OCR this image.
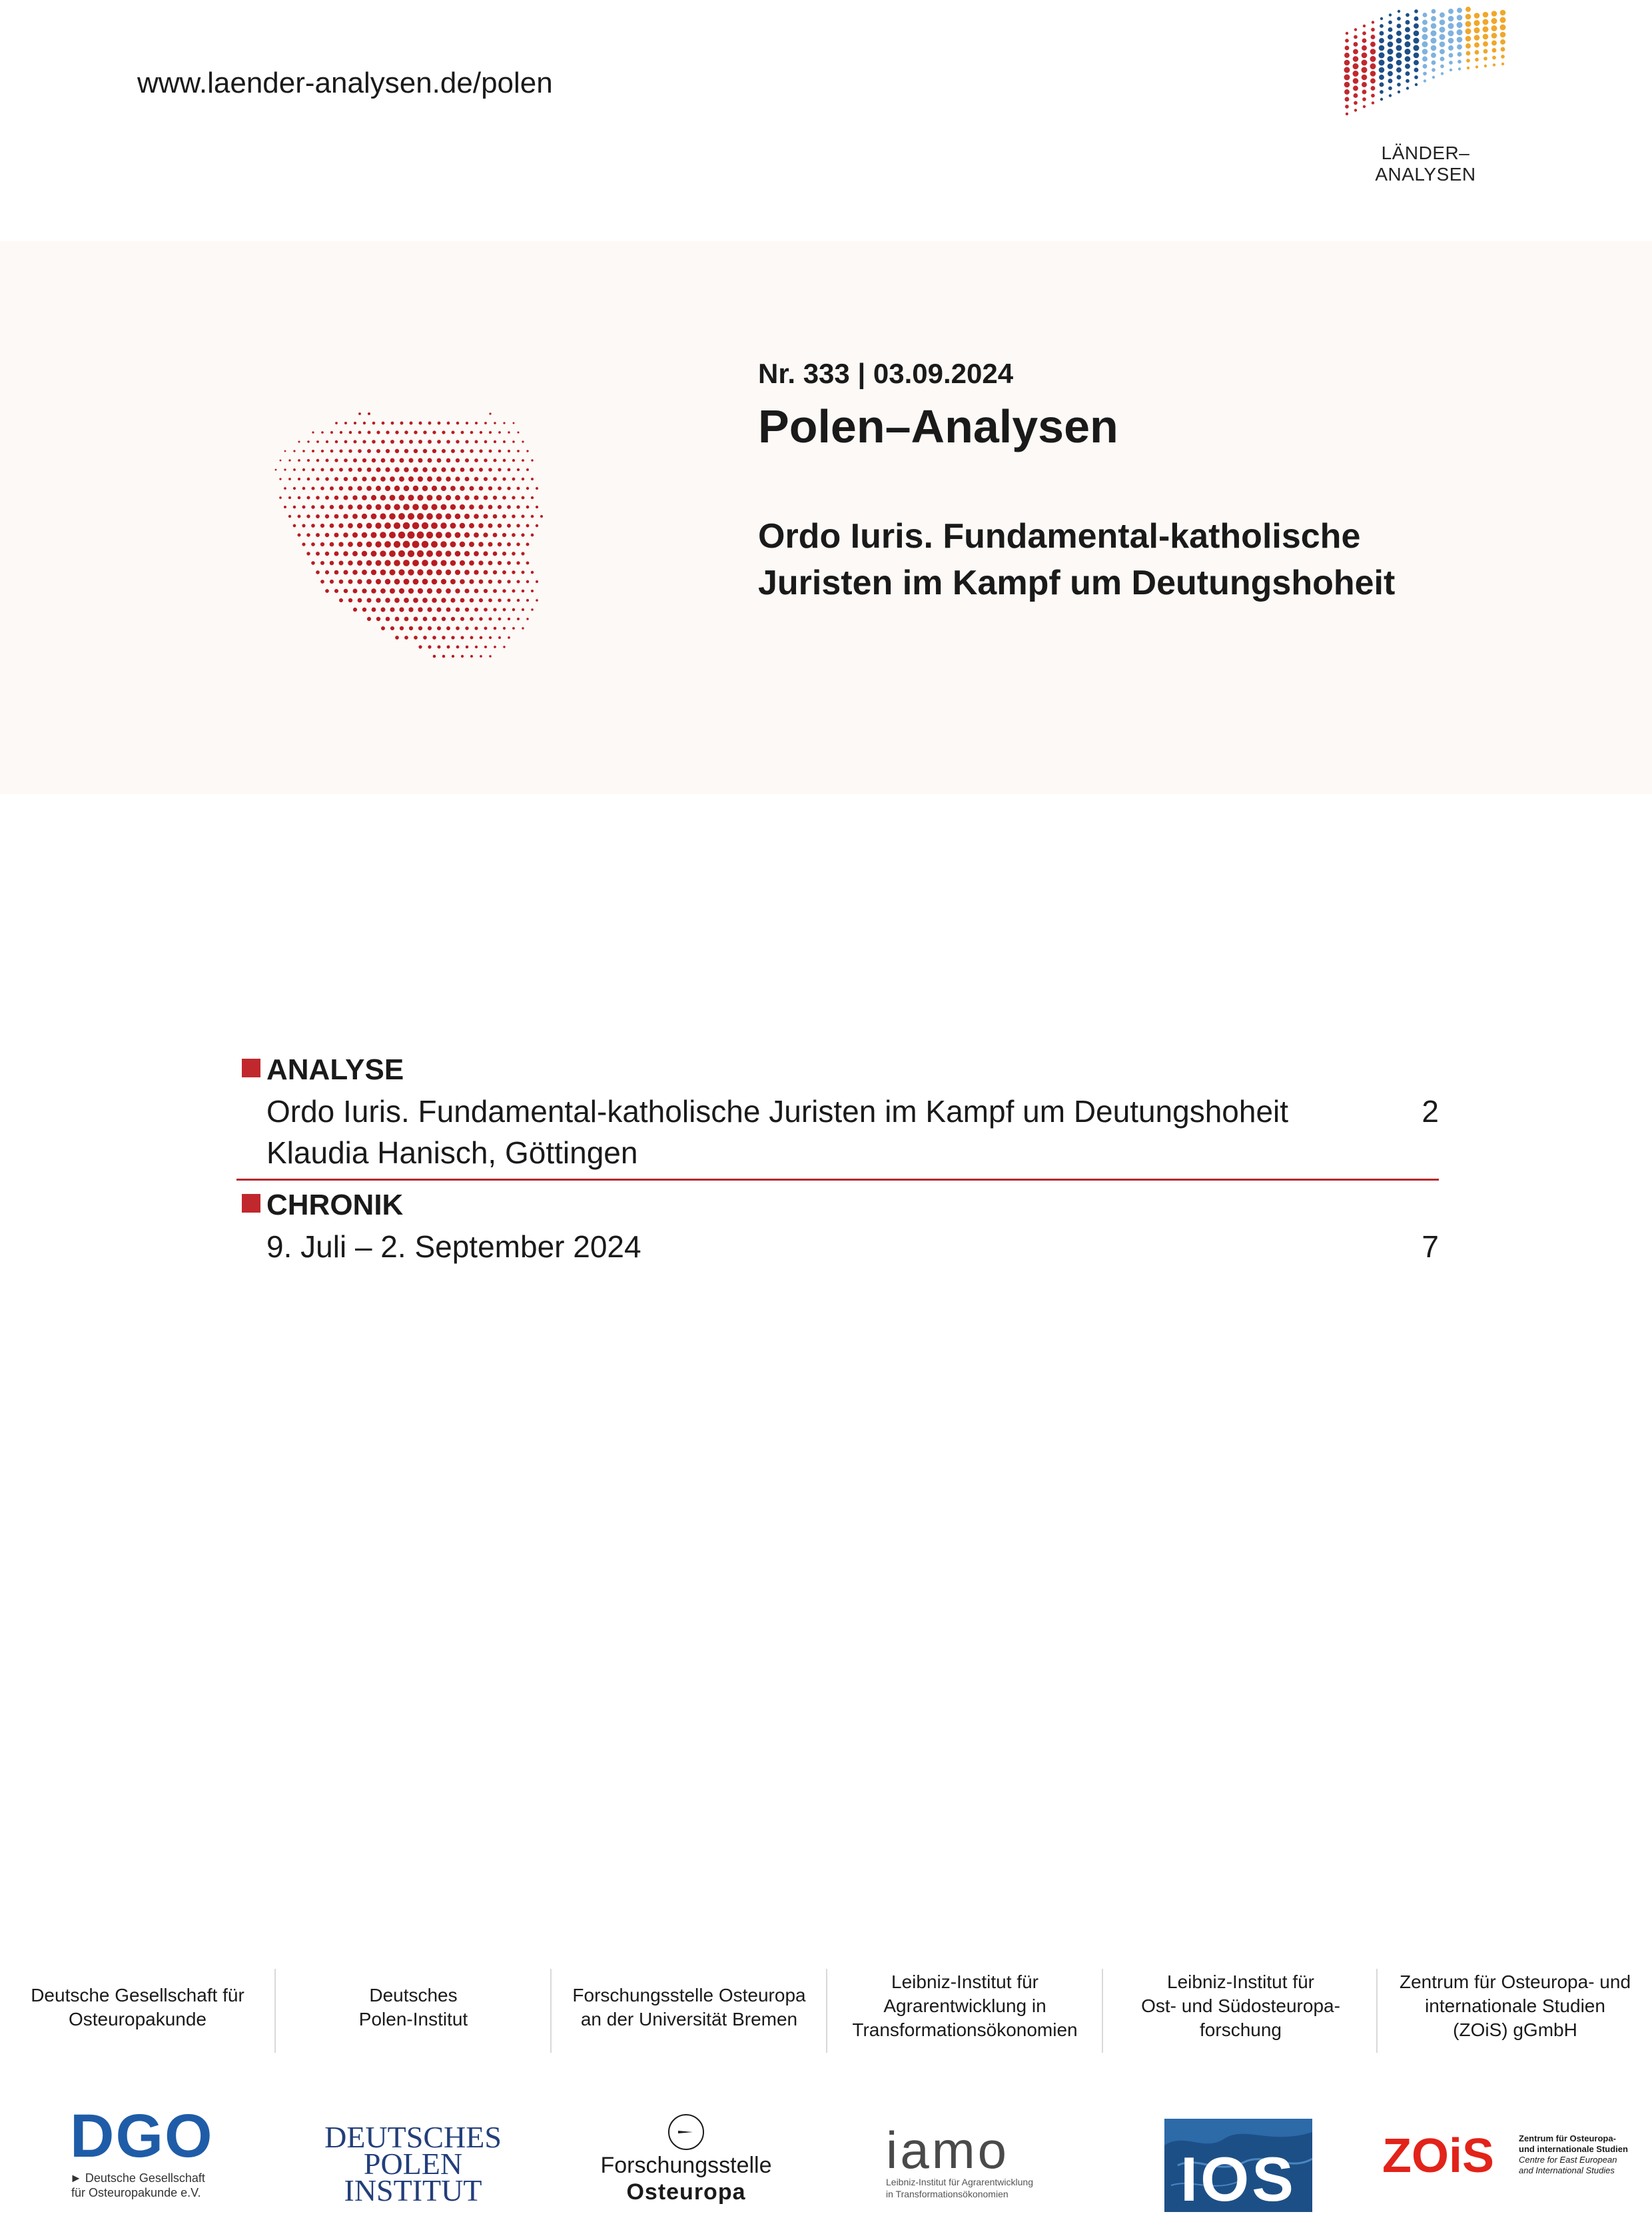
www.laender-analysen.de/polen
LÄNDER–ANALYSEN
Nr. 333 | 03.09.2024
Polen–Analysen
Ordo Iuris. Fundamental-katholische
Juristen im Kampf um Deutungshoheit
ANALYSE
Ordo Iuris. Fundamental-katholische Juristen im Kampf um Deutungshoheit	2
Klaudia Hanisch, Göttingen
CHRONIK
9. Juli – 2. September 2024	7
Deutsche Gesellschaft für
Osteuropakunde
Deutsches
Polen-Institut
Forschungsstelle Osteuropa
an der Universität Bremen
Leibniz-Institut für
Agrarentwicklung in
Transformationsökonomien
Leibniz-Institut für
Ost- und Südosteuropa-
forschung
Zentrum für Osteuropa- und
internationale Studien
(ZOiS) gGmbH
DGO
► Deutsche Gesellschaft
für Osteuropakunde e.V.
DEUTSCHES
POLEN
INSTITUT
Forschungsstelle
Osteuropa
iamo
Leibniz-Institut für Agrarentwicklung
in Transformationsökonomien	IOS	ZOiS	Zentrum für Osteuropa-
und internationale Studien
Centre for East European
and International Studies
